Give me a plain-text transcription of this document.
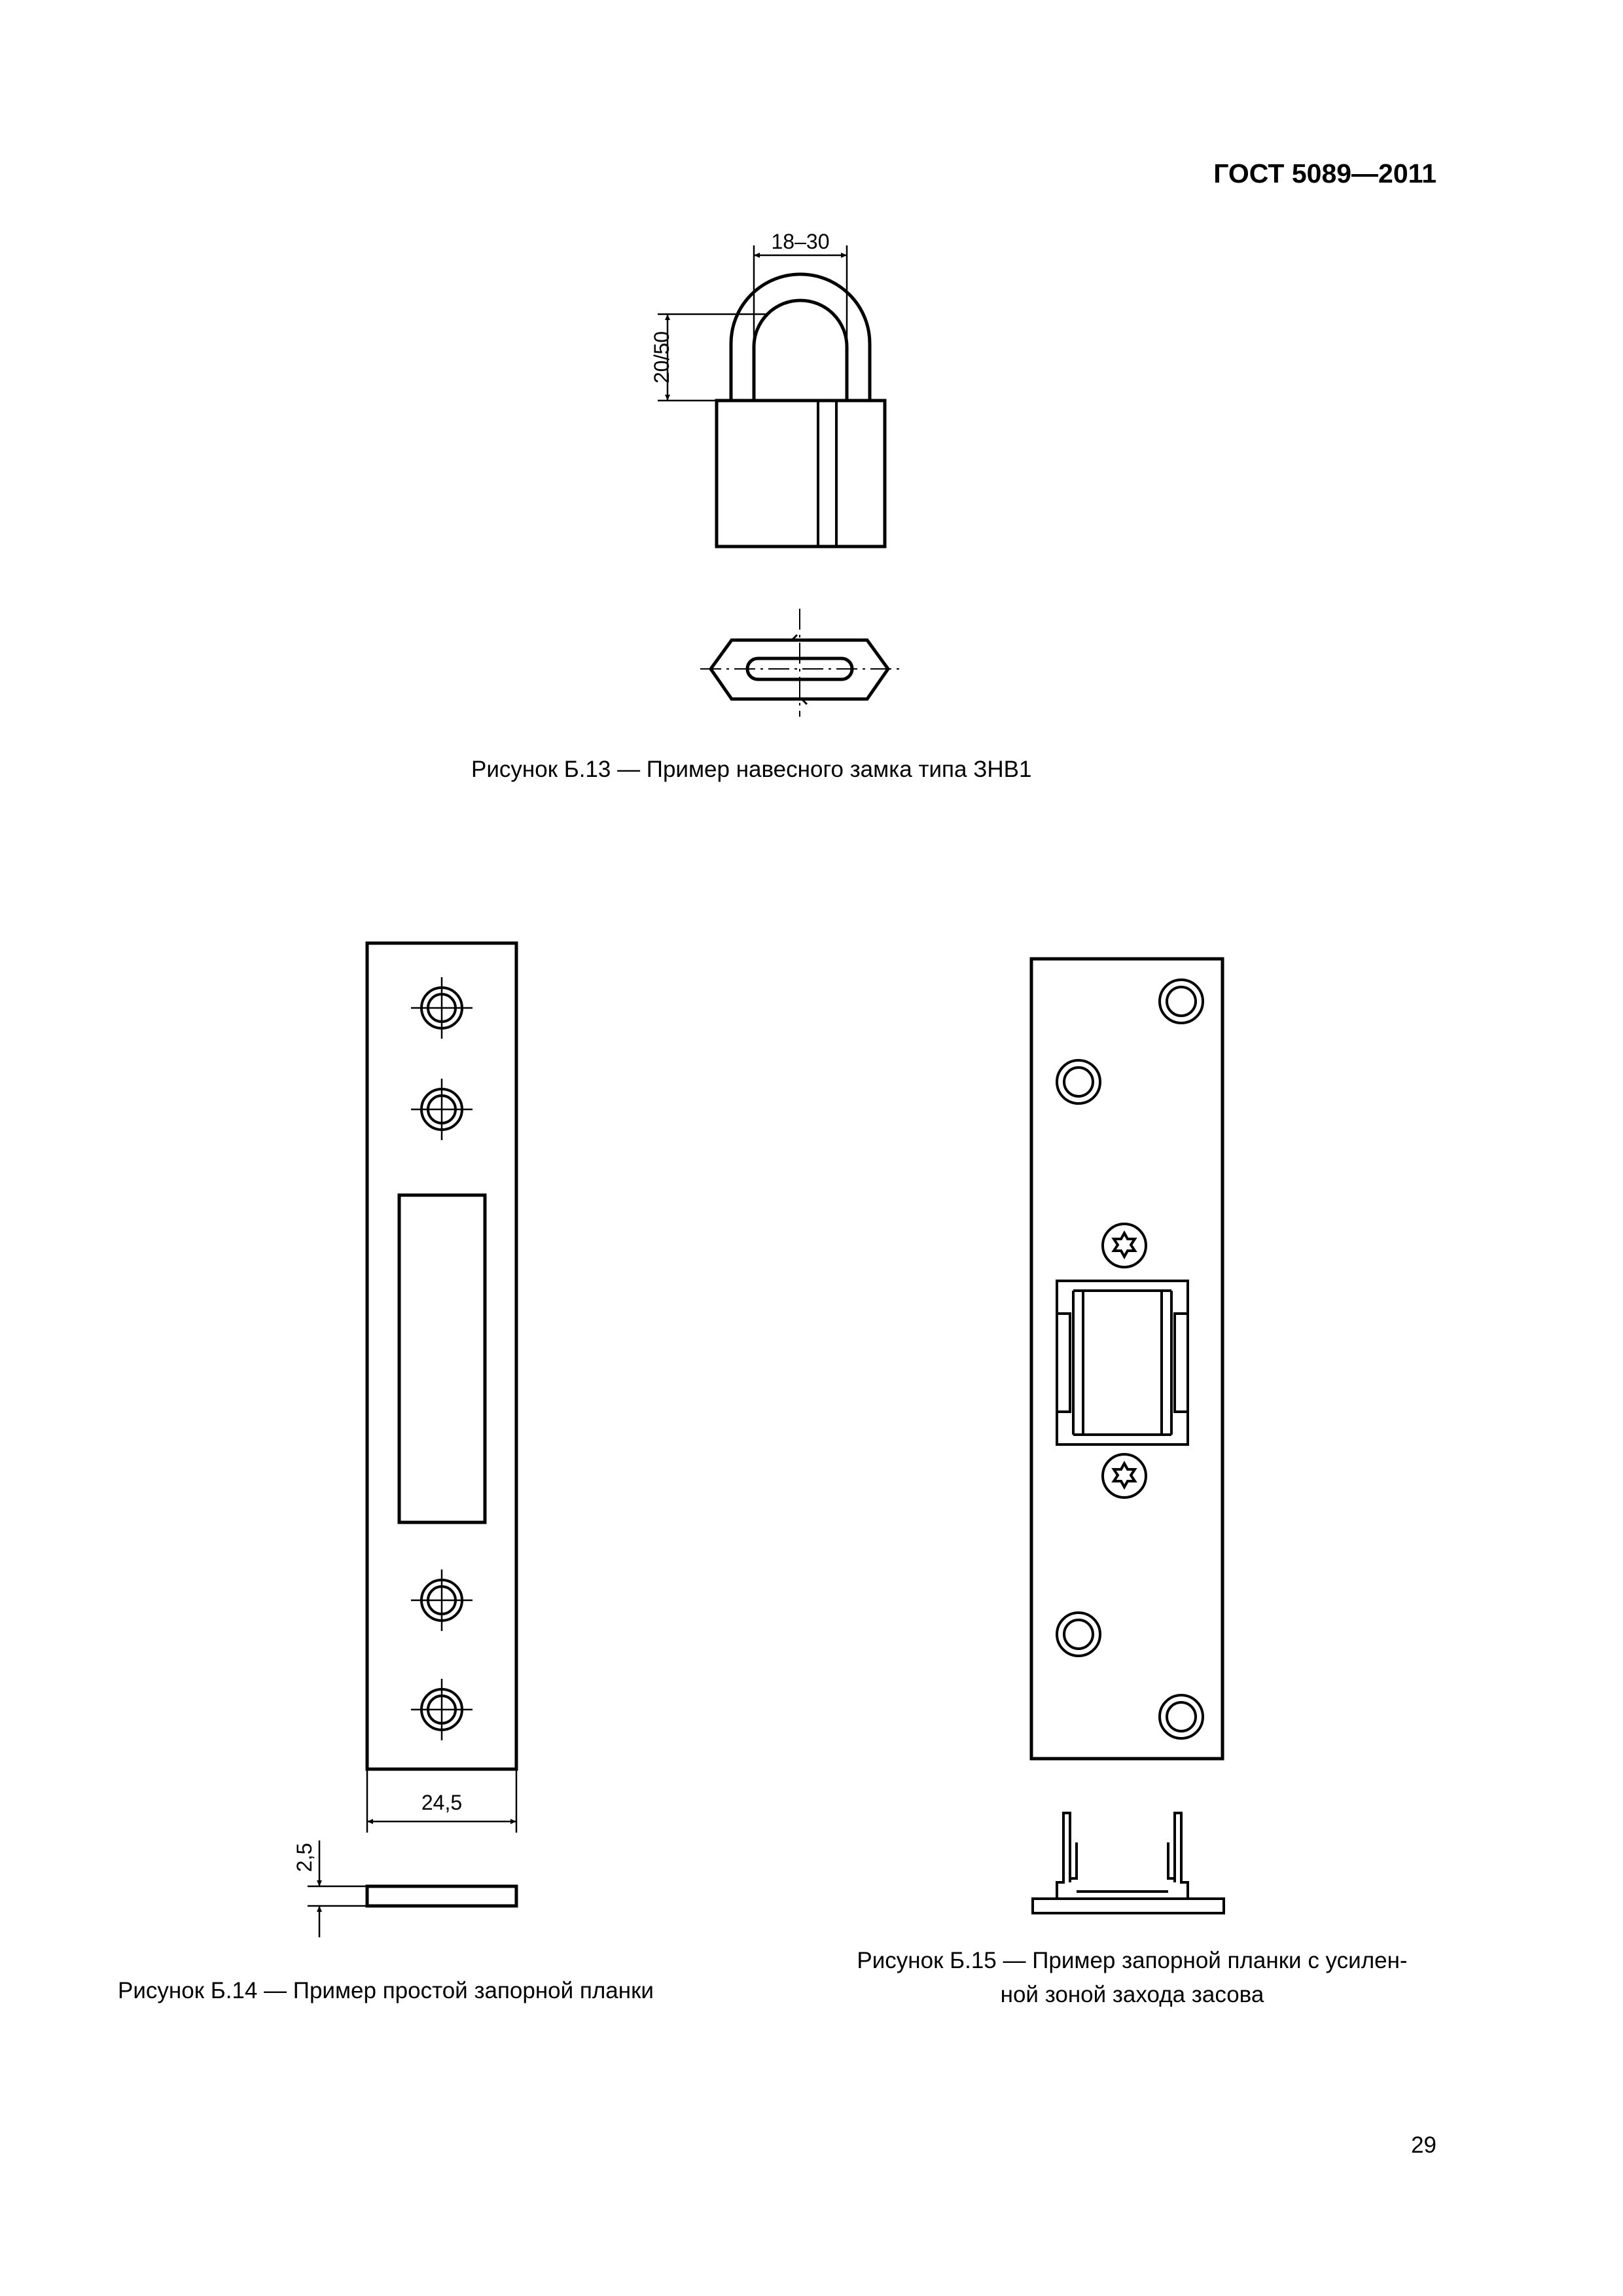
ГОСТ 5089—2011
18–30
20/50
24,5
2,5
Рисунок Б.13 — Пример навесного замка типа ЗНВ1
Рисунок Б.14 — Пример простой запорной планки
Рисунок Б.15 — Пример запорной планки с усилен-
ной зоной захода засова
29
